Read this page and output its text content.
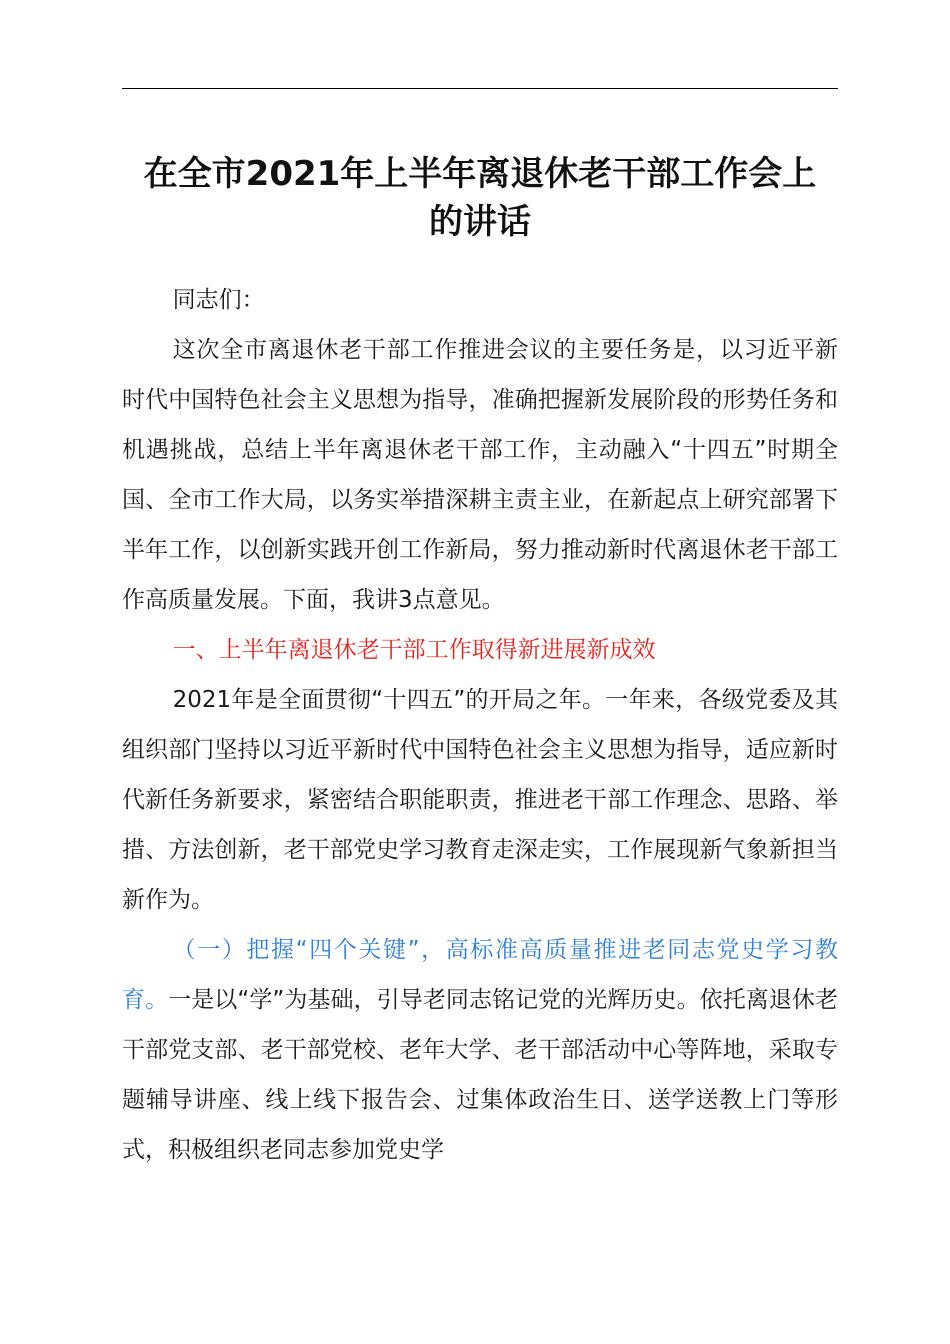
在全市2021年上半年离退休老干部工作会上
的讲话

同志们：

这次全市离退休老干部工作推进会议的主要任务是，以习近平新时代中国特色社会主义思想为指导，准确把握新发展阶段的形势任务和机遇挑战，总结上半年离退休老干部工作，主动融入“十四五”时期全国、全市工作大局，以务实举措深耕主责主业，在新起点上研究部署下半年工作，以创新实践开创工作新局，努力推动新时代离退休老干部工作高质量发展。下面，我讲3点意见。

一、上半年离退休老干部工作取得新进展新成效

2021年是全面贯彻“十四五”的开局之年。一年来，各级党委及其组织部门坚持以习近平新时代中国特色社会主义思想为指导，适应新时代新任务新要求，紧密结合职能职责，推进老干部工作理念、思路、举措、方法创新，老干部党史学习教育走深走实，工作展现新气象新担当新作为。

（一）把握“四个关键”，高标准高质量推进老同志党史学习教育。一是以“学”为基础，引导老同志铭记党的光辉历史。依托离退休老干部党支部、老干部党校、老年大学、老干部活动中心等阵地，采取专题辅导讲座、线上线下报告会、过集体政治生日、送学送教上门等形式，积极组织老同志参加党史学
